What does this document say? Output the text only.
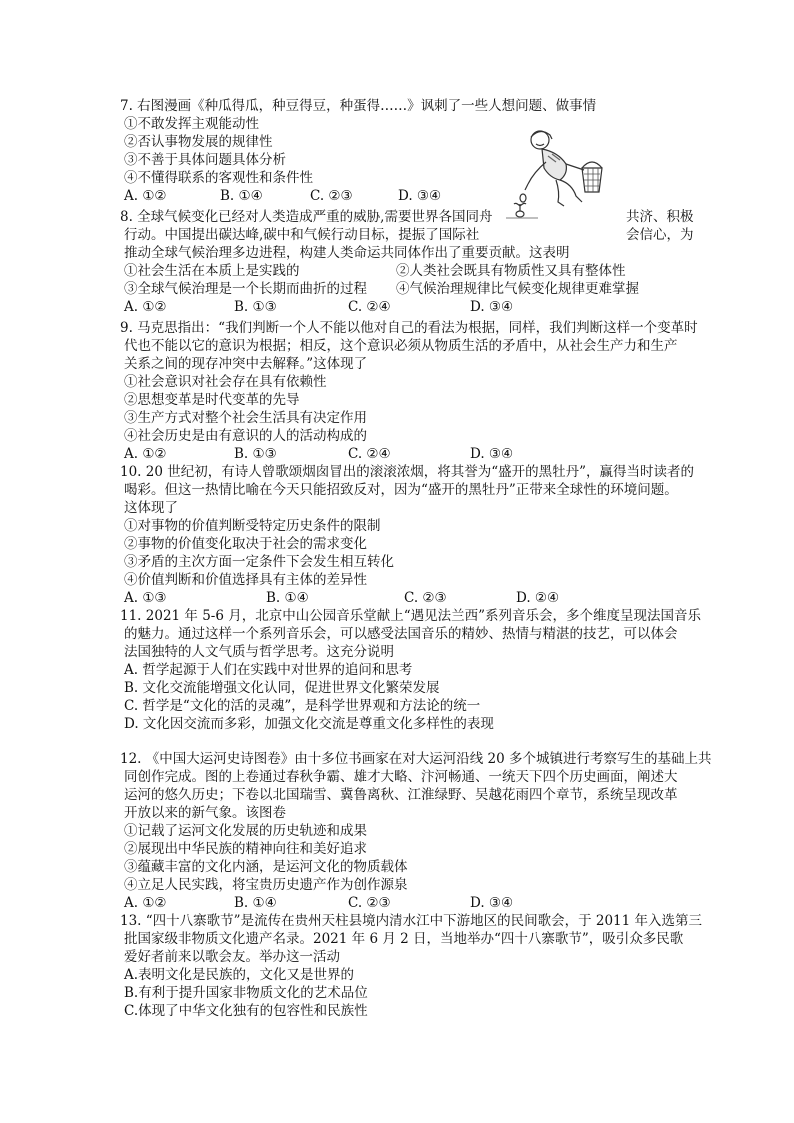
7. 右图漫画《种瓜得瓜，种豆得豆，种蛋得……》讽刺了一些人想问题、做事情
①不敢发挥主观能动性
②否认事物发展的规律性
③不善于具体问题具体分析
④不懂得联系的客观性和条件性
A. ①②	B. ①④	C. ②③	D. ③④
8. 全球气候变化已经对人类造成严重的威胁,需要世界各国同舟	共济、积极
行动。中国提出碳达峰,碳中和气候行动目标，提振了国际社	会信心，为
推动全球气候治理多边进程，构建人类命运共同体作出了重要贡献。这表明
①社会生活在本质上是实践的	②人类社会既具有物质性又具有整体性
③全球气候治理是一个长期而曲折的过程 ④气候治理规律比气候变化规律更难掌握
A. ①②	B. ①③	C. ②④	D. ③④
9. 马克思指出：“我们判断一个人不能以他对自己的看法为根据，同样，我们判断这样一个变革时
代也不能以它的意识为根据；相反，这个意识必须从物质生活的矛盾中，从社会生产力和生产
关系之间的现存冲突中去解释。”这体现了
①社会意识对社会存在具有依赖性
②思想变革是时代变革的先导
③生产方式对整个社会生活具有决定作用
④社会历史是由有意识的人的活动构成的
A. ①②	B. ①③	C. ②④	D. ③④
10. 20 世纪初，有诗人曾歌颂烟囱冒出的滚滚浓烟，将其誉为“盛开的黑牡丹”，赢得当时读者的
喝彩。但这一热情比喻在今天只能招致反对，因为“盛开的黑牡丹”正带来全球性的环境问题。
这体现了
①对事物的价值判断受特定历史条件的限制
②事物的价值变化取决于社会的需求变化
③矛盾的主次方面一定条件下会发生相互转化
④价值判断和价值选择具有主体的差异性
A. ①③	B. ①④	C. ②③	D. ②④
11. 2021 年 5-6 月，北京中山公园音乐堂献上“遇见法兰西”系列音乐会，多个维度呈现法国音乐
的魅力。通过这样一个系列音乐会，可以感受法国音乐的精妙、热情与精湛的技艺，可以体会
法国独特的人文气质与哲学思考。这充分说明
A. 哲学起源于人们在实践中对世界的追问和思考
B. 文化交流能增强文化认同，促进世界文化繁荣发展
C. 哲学是“文化的活的灵魂”，是科学世界观和方法论的统一
D. 文化因交流而多彩，加强文化交流是尊重文化多样性的表现
12. 《中国大运河史诗图卷》由十多位书画家在对大运河沿线 20 多个城镇进行考察写生的基础上共
同创作完成。图的上卷通过春秋争霸、雄才大略、汴河畅通、一统天下四个历史画面，阐述大
运河的悠久历史；下卷以北国瑞雪、冀鲁离秋、江淮绿野、吴越花雨四个章节，系统呈现改革
开放以来的新气象。该图卷
①记载了运河文化发展的历史轨迹和成果
②展现出中华民族的精神向往和美好追求
③蕴藏丰富的文化内涵，是运河文化的物质载体
④立足人民实践，将宝贵历史遗产作为创作源泉
A. ①②	B. ①④	C. ②③	D. ③④
13. “四十八寨歌节”是流传在贵州天柱县境内清水江中下游地区的民间歌会，于 2011 年入选第三
批国家级非物质文化遗产名录。2021 年 6 月 2 日，当地举办“四十八寨歌节”，吸引众多民歌
爱好者前来以歌会友。举办这一活动
A.表明文化是民族的，文化又是世界的
B.有利于提升国家非物质文化的艺术品位
C.体现了中华文化独有的包容性和民族性
